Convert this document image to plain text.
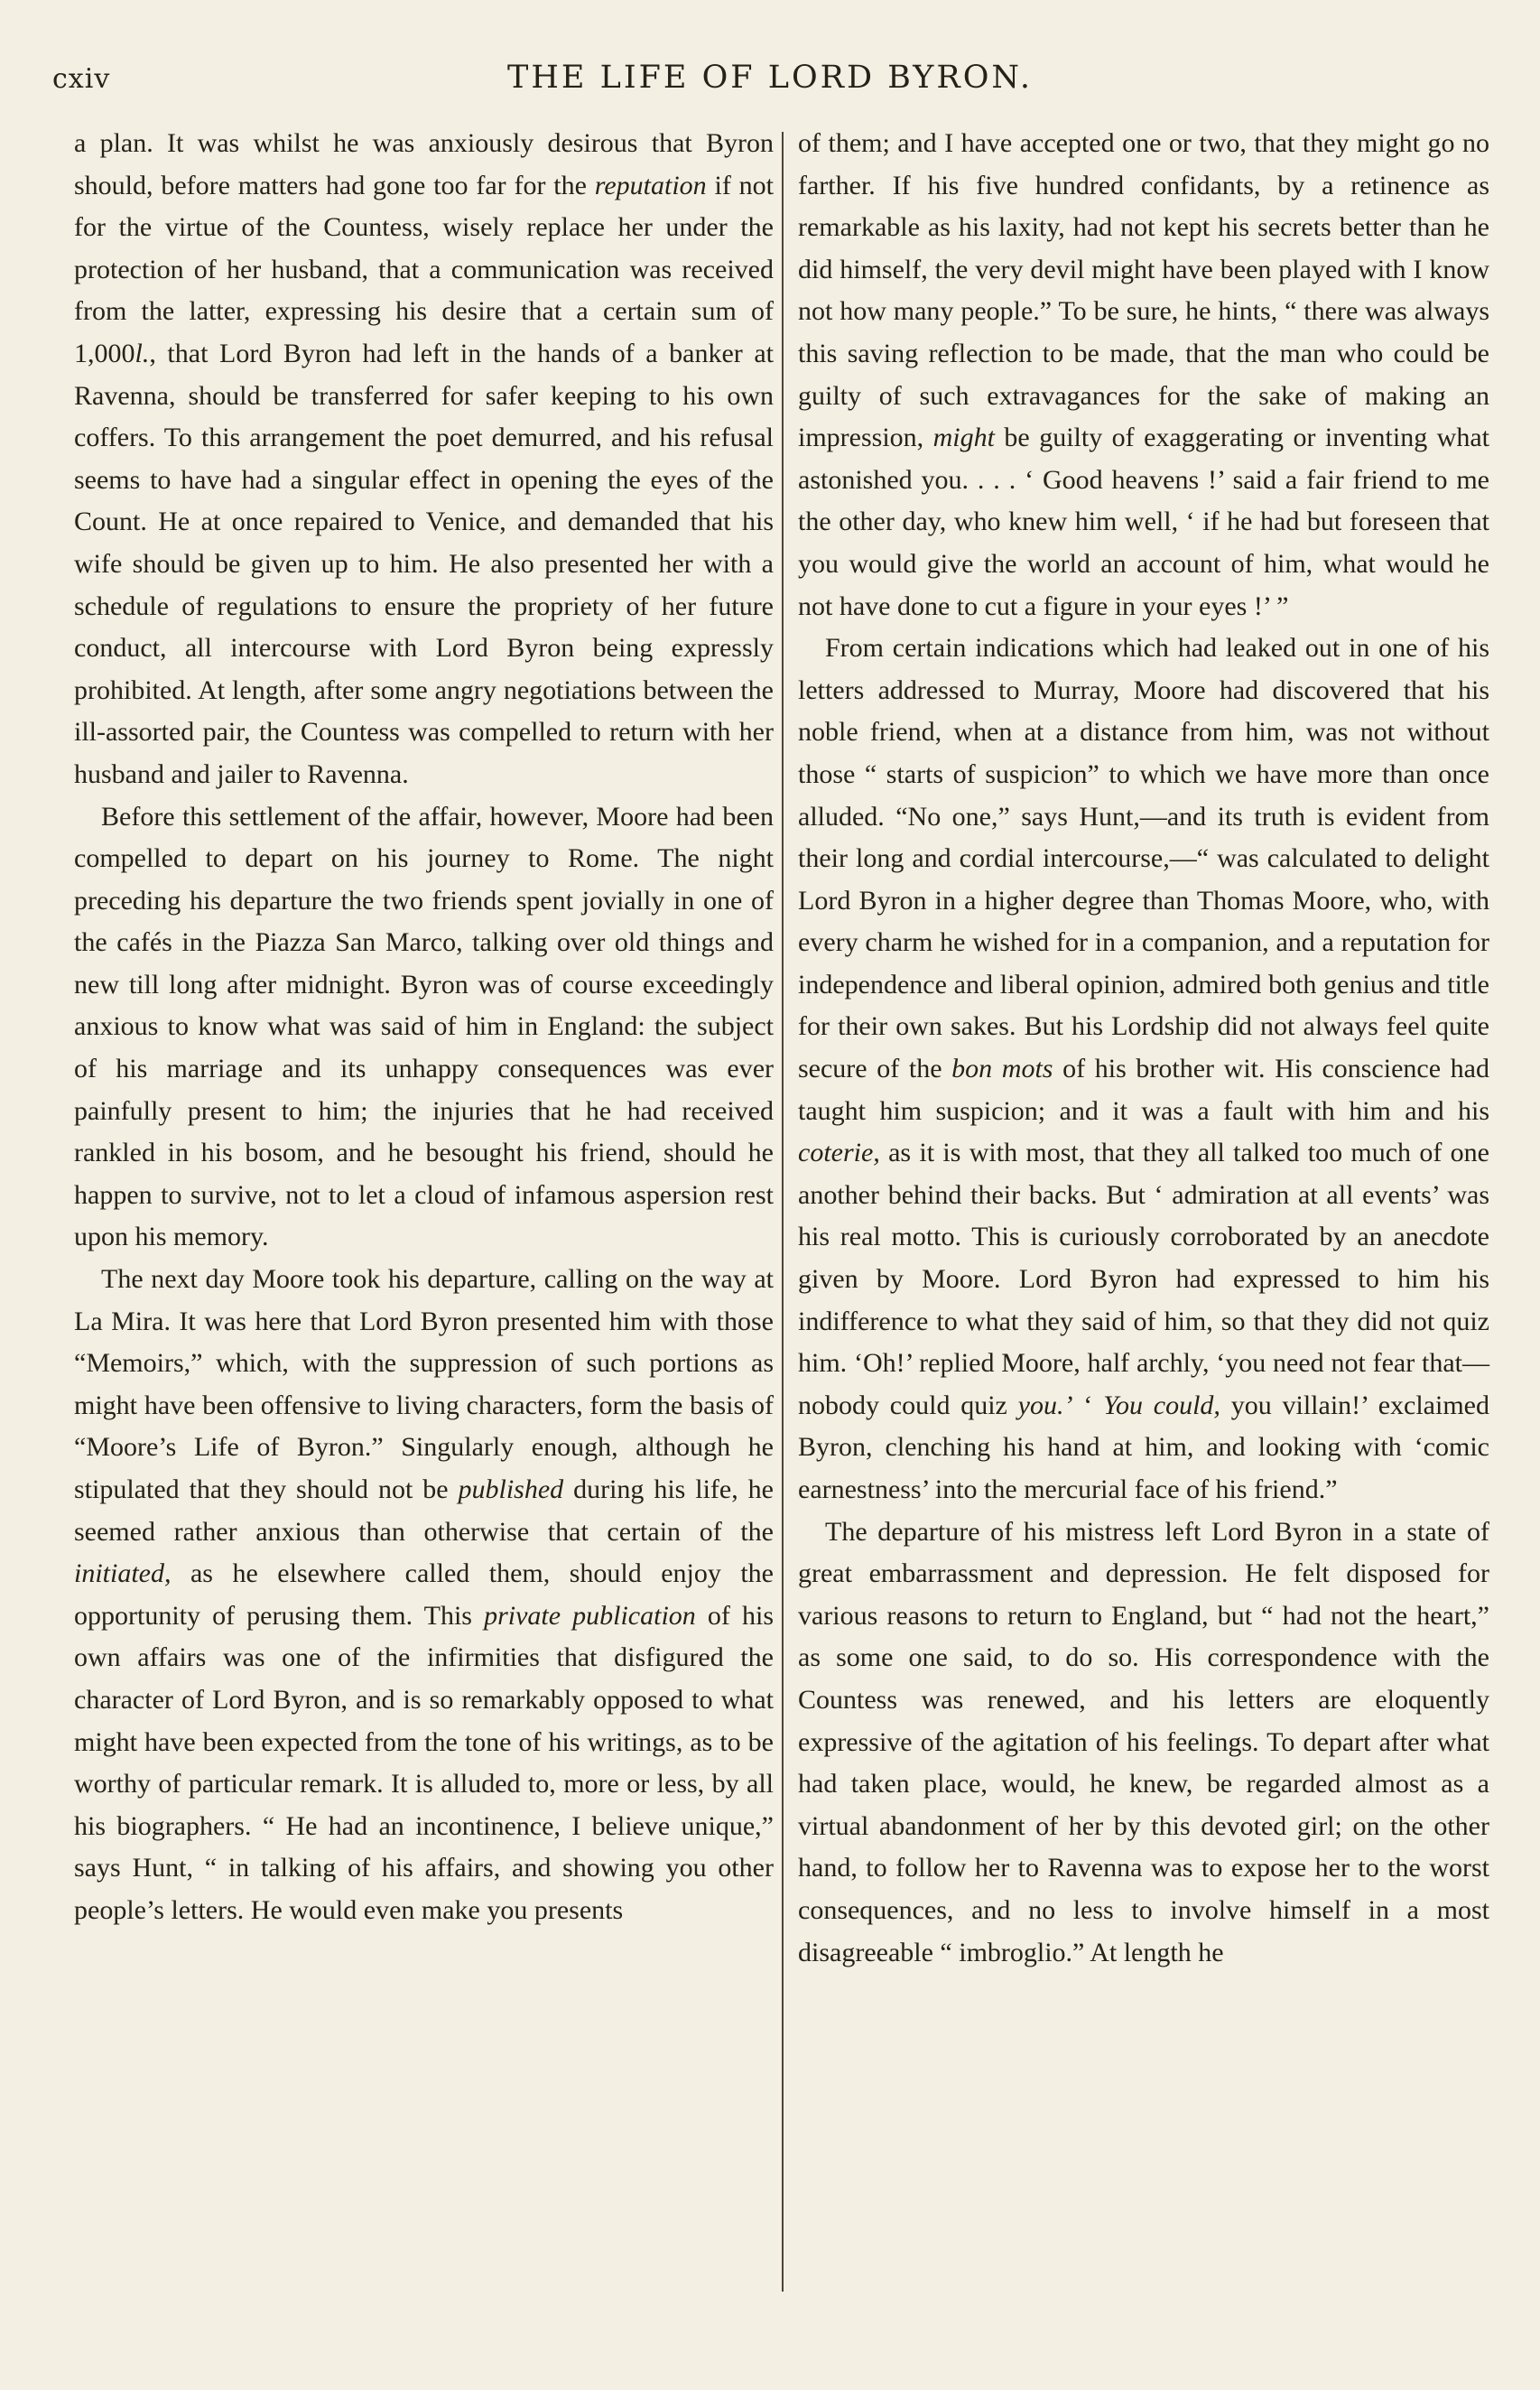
cxiv	THE LIFE OF LORD BYRON.

a plan. It was whilst he was anxiously desirous that Byron should, before matters had gone too far for the reputation if not for the virtue of the Countess, wisely replace her under the protection of her husband, that a communication was received from the latter, expressing his desire that a certain sum of 1,000l., that Lord Byron had left in the hands of a banker at Ravenna, should be transferred for safer keeping to his own coffers. To this arrangement the poet demurred, and his refusal seems to have had a singular effect in opening the eyes of the Count. He at once repaired to Venice, and demanded that his wife should be given up to him. He also presented her with a schedule of regulations to ensure the propriety of her future conduct, all intercourse with Lord Byron being expressly prohibited. At length, after some angry negotiations between the ill-assorted pair, the Countess was compelled to return with her husband and jailer to Ravenna.

Before this settlement of the affair, however, Moore had been compelled to depart on his journey to Rome. The night preceding his departure the two friends spent jovially in one of the cafés in the Piazza San Marco, talking over old things and new till long after midnight. Byron was of course exceedingly anxious to know what was said of him in England: the subject of his marriage and its unhappy consequences was ever painfully present to him; the injuries that he had received rankled in his bosom, and he besought his friend, should he happen to survive, not to let a cloud of infamous aspersion rest upon his memory.

The next day Moore took his departure, calling on the way at La Mira. It was here that Lord Byron presented him with those “Memoirs,” which, with the suppression of such portions as might have been offensive to living characters, form the basis of “Moore’s Life of Byron.” Singularly enough, although he stipulated that they should not be published during his life, he seemed rather anxious than otherwise that certain of the initiated, as he elsewhere called them, should enjoy the opportunity of perusing them. This private publication of his own affairs was one of the infirmities that disfigured the character of Lord Byron, and is so remarkably opposed to what might have been expected from the tone of his writings, as to be worthy of particular remark. It is alluded to, more or less, by all his biographers. “ He had an incontinence, I believe unique,” says Hunt, “ in talking of his affairs, and showing you other people’s letters. He would even make you presents

of them; and I have accepted one or two, that they might go no farther. If his five hundred confidants, by a retinence as remarkable as his laxity, had not kept his secrets better than he did himself, the very devil might have been played with I know not how many people.” To be sure, he hints, “ there was always this saving reflection to be made, that the man who could be guilty of such extravagances for the sake of making an impression, might be guilty of exaggerating or inventing what astonished you. . . . ‘ Good heavens !’ said a fair friend to me the other day, who knew him well, ‘ if he had but foreseen that you would give the world an account of him, what would he not have done to cut a figure in your eyes !’ ”

From certain indications which had leaked out in one of his letters addressed to Murray, Moore had discovered that his noble friend, when at a distance from him, was not without those “ starts of suspicion” to which we have more than once alluded. “No one,” says Hunt,—and its truth is evident from their long and cordial intercourse,—“ was calculated to delight Lord Byron in a higher degree than Thomas Moore, who, with every charm he wished for in a companion, and a reputation for independence and liberal opinion, admired both genius and title for their own sakes. But his Lordship did not always feel quite secure of the bon mots of his brother wit. His conscience had taught him suspicion; and it was a fault with him and his coterie, as it is with most, that they all talked too much of one another behind their backs. But ‘ admiration at all events’ was his real motto. This is curiously corroborated by an anecdote given by Moore. Lord Byron had expressed to him his indifference to what they said of him, so that they did not quiz him. ‘Oh!’ replied Moore, half archly, ‘you need not fear that—nobody could quiz you.’ ‘ You could, you villain!’ exclaimed Byron, clenching his hand at him, and looking with ‘comic earnestness’ into the mercurial face of his friend.”

The departure of his mistress left Lord Byron in a state of great embarrassment and depression. He felt disposed for various reasons to return to England, but “ had not the heart,” as some one said, to do so. His correspondence with the Countess was renewed, and his letters are eloquently expressive of the agitation of his feelings. To depart after what had taken place, would, he knew, be regarded almost as a virtual abandonment of her by this devoted girl; on the other hand, to follow her to Ravenna was to expose her to the worst consequences, and no less to involve himself in a most disagreeable “ imbroglio.” At length he
